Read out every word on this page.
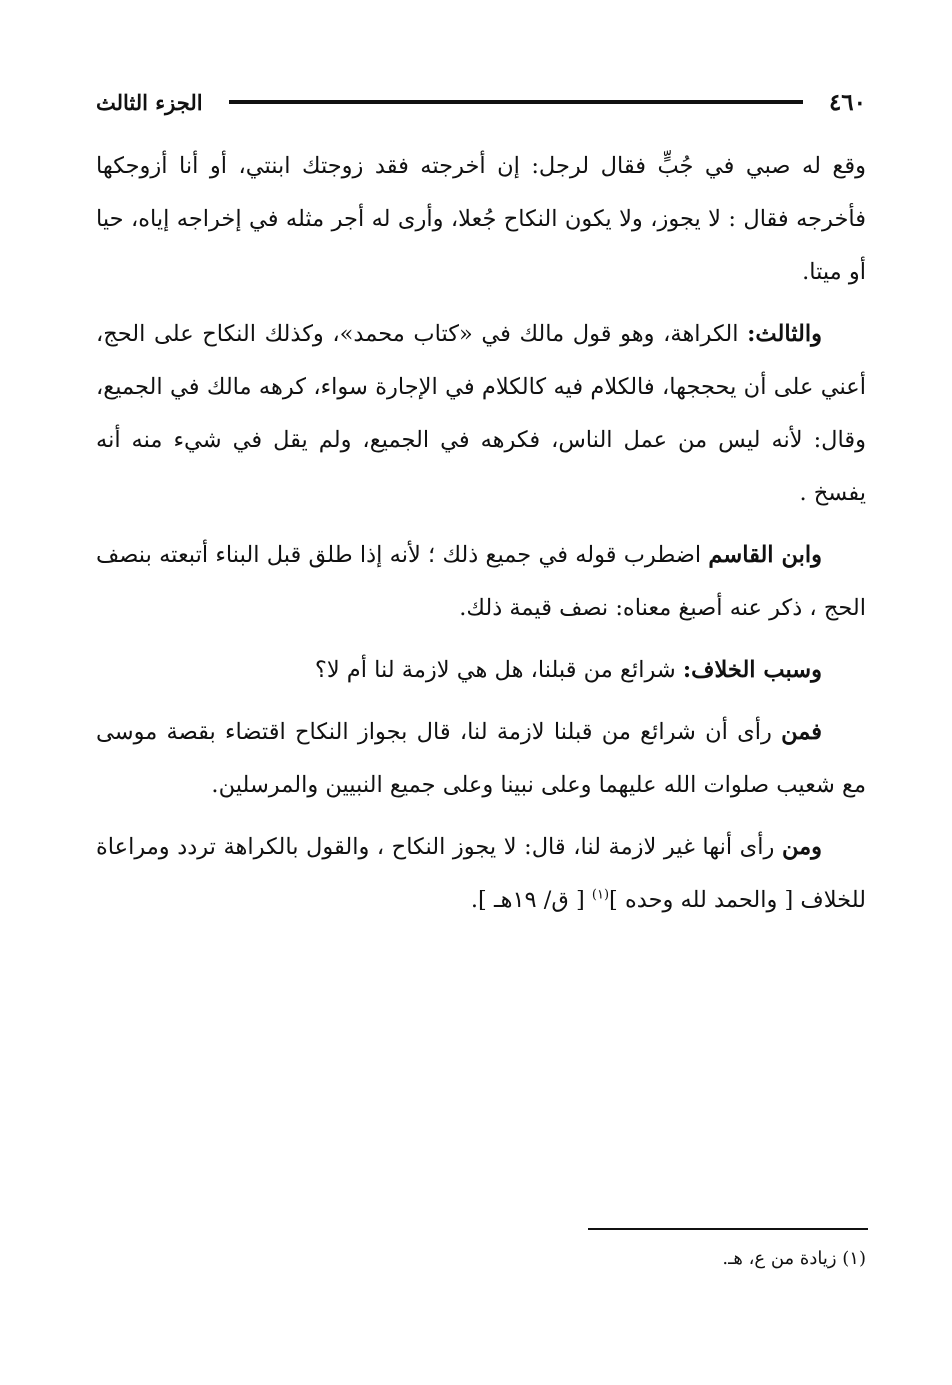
٤٦٠
الجزء الثالث

وقع له صبي في جُبٍّ فقال لرجل: إن أخرجته فقد زوجتك ابنتي، أو أنا أزوجكها فأخرجه فقال : لا يجوز، ولا يكون النكاح جُعلا، وأرى له أجر مثله في إخراجه إياه، حيا أو ميتا.

والثالث: الكراهة، وهو قول مالك في «كتاب محمد»، وكذلك النكاح على الحج، أعني على أن يحججها، فالكلام فيه كالكلام في الإجارة سواء، كرهه مالك في الجميع، وقال: لأنه ليس من عمل الناس، فكرهه في الجميع، ولم يقل في شيء منه أنه يفسخ .

وابن القاسم اضطرب قوله في جميع ذلك ؛ لأنه إذا طلق قبل البناء أتبعته بنصف الحج ، ذكر عنه أصبغ معناه: نصف قيمة ذلك.

وسبب الخلاف: شرائع من قبلنا، هل هي لازمة لنا أم لا؟

فمن رأى أن شرائع من قبلنا لازمة لنا، قال بجواز النكاح اقتضاء بقصة موسى مع شعيب صلوات الله عليهما وعلى نبينا وعلى جميع النبيين والمرسلين.

ومن رأى أنها غير لازمة لنا، قال: لا يجوز النكاح ، والقول بالكراهة تردد ومراعاة للخلاف [ والحمد لله وحده ]$^{(١)}$ [ ق/ ١٩هـ ].

(١) زيادة من ع، هـ.
